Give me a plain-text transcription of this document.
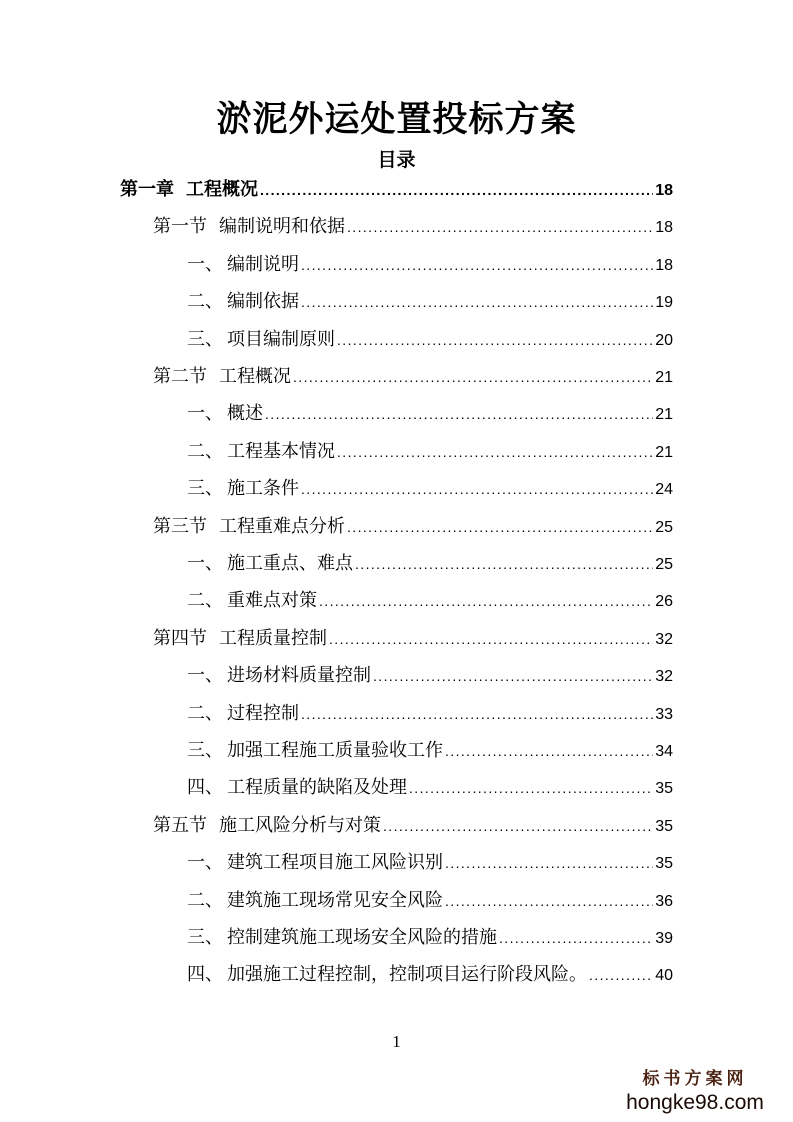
淤泥外运处置投标方案
目录
第一章 工程概况 .....	18
第一节 编制说明和依据 .....	18
一、 编制说明 .....	18
二、 编制依据 .....	19
三、 项目编制原则 .....	20
第二节 工程概况 .....	21
一、 概述 .....	21
二、 工程基本情况 .....	21
三、 施工条件 .....	24
第三节 工程重难点分析 .....	25
一、 施工重点、难点 .....	25
二、 重难点对策 .....	26
第四节 工程质量控制 .....	32
一、 进场材料质量控制 .....	32
二、 过程控制 .....	33
三、 加强工程施工质量验收工作 .....	34
四、 工程质量的缺陷及处理 .....	35
第五节 施工风险分析与对策 .....	35
一、 建筑工程项目施工风险识别 .....	35
二、 建筑施工现场常见安全风险 .....	36
三、 控制建筑施工现场安全风险的措施 .....	39
四、 加强施工过程控制，控制项目运行阶段风险。 .....	40
1
标书方案网
hongke98.com
